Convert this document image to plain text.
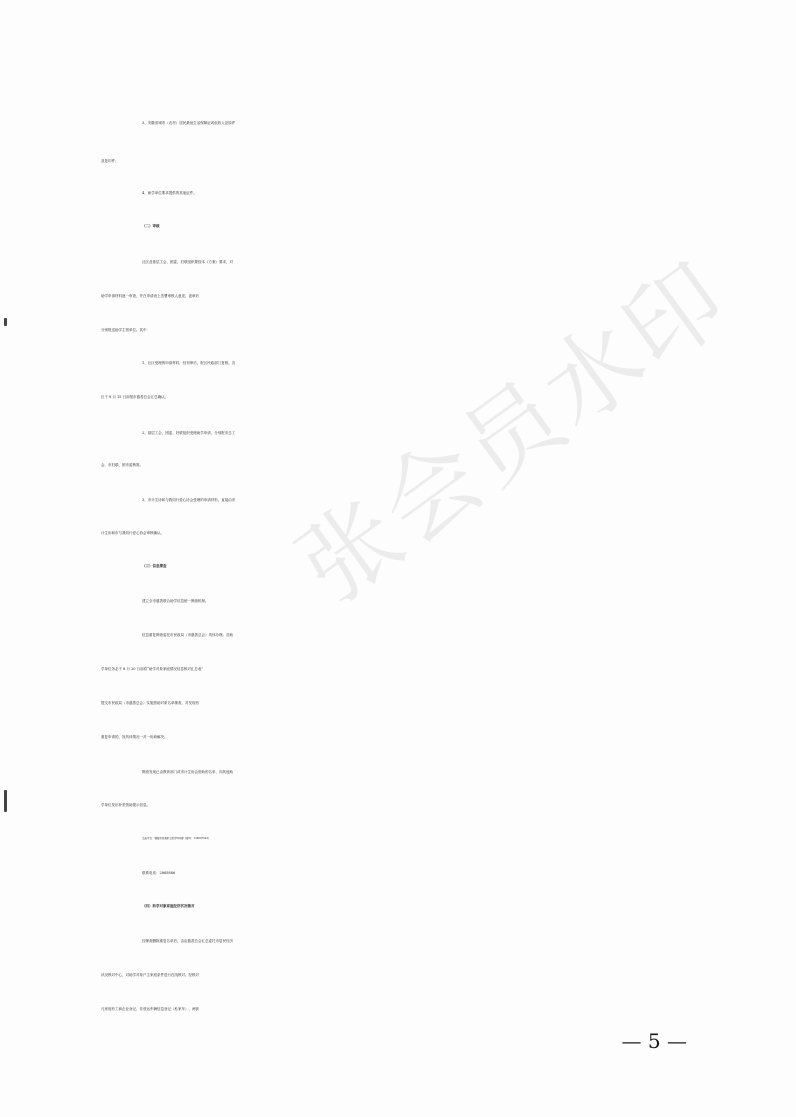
张会员水印
3、安徽省城市（农村）居民最低生活保障证或低收入证原件
及复印件；
4、助学单位要求提供的其他证件。
（二）审核
社区及基层工会、团委、妇联组织要按本《方案》要求，对
助学申请材料逐一审查，并在申请表上签署审核人意见、盖章后
分别报送助学主管单位。其中：
1、社区受理的申请材料，经初审后，报区民政部门复核。各
区于 8 月 15 日前报市慈善总会汇总确认。
2、基层工会、团委、妇联组织受理助学申请，分别报市总工
会、市妇联、团市委核准。
3、市计生协和与我同行爱心协会受理的申请材料，直接由市
计生协和市与我同行爱心协会审核确认。
（三）信息筛查
建立全市慈善联合助学信息统一筛查机制。
信息重复筛查委托市民政局（市慈善总会）具体办理。各助
学单位务必于 8 月 20 日前将“助学对象家庭情况信息核对汇总表”
提交市民政局（市慈善总会）实施资助对象名单筛查，对发现有
重复申请的，视具体情况一对一协商解决。
筛查发现已由教育部门或市计生协会资助的名单，向其他助
学单位发出补差资助提示信息。
交流平台：铜陵市慈善联合助学QQ群（群号：150607923）
联系电话：2865886
（四）助学对象家庭经济状况核对
经筛查删除重复名单后，由由慈善总会汇总委托市居民经济
状况核对中心，对助学对象户主家庭条件进行在线核对。经核对
凡家庭有工商企业登记、非营运车辆信息登记（私家车）、两套
— 5 —
